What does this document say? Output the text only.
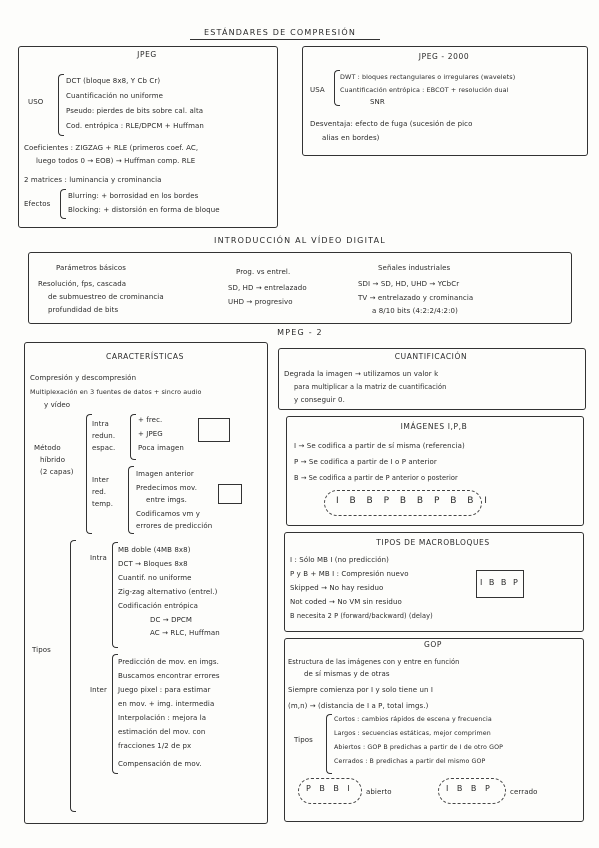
ESTÁNDARES DE COMPRESIÓN
JPEG
USO
DCT (bloque 8x8, Y Cb Cr)
Cuantificación no uniforme
Pseudo: pierdes de bits sobre cal. alta
Cod. entrópica : RLE/DPCM + Huffman
Coeficientes : ZIGZAG + RLE (primeros coef. AC,
luego todos 0 → EOB) → Huffman comp. RLE
2 matrices : luminancia y crominancia
Efectos
Blurring: + borrosidad en los bordes
Blocking: + distorsión en forma de bloque
JPEG - 2000
USA
DWT : bloques rectangulares o irregulares (wavelets)
Cuantificación entrópica : EBCOT + resolución dual
SNR
Desventaja: efecto de fuga (sucesión de pico
alias en bordes)
INTRODUCCIÓN AL VÍDEO DIGITAL
Parámetros básicos
Resolución, fps, cascada
de submuestreo de crominancia
profundidad de bits
Prog. vs entrel.
SD, HD → entrelazado
UHD → progresivo
Señales industriales
SDI → SD, HD, UHD → YCbCr
TV → entrelazado y crominancia
a 8/10 bits (4:2:2/4:2:0)
MPEG - 2
CARACTERÍSTICAS
Compresión y descompresión
Multiplexación en 3 fuentes de datos + sincro audio
y vídeo
Método
híbrido
(2 capas)
Intra
redun.
espac.
+ frec.
+ JPEG
Poca imagen
Inter
red.
temp.
Imagen anterior
Predecimos mov.
entre imgs.
Codificamos vm y
errores de predicción
Tipos
Intra
MB doble (4MB 8x8)
DCT → Bloques 8x8
Cuantif. no uniforme
Zig-zag alternativo (entrel.)
Codificación entrópica
DC → DPCM
AC → RLC, Huffman
Inter
Predicción de mov. en imgs.
Buscamos encontrar errores
Juego pixel : para estimar
en mov. + img. intermedia
Interpolación : mejora la
estimación del mov. con
fracciones 1/2 de px
Compensación de mov.
CUANTIFICACIÓN
Degrada la imagen → utilizamos un valor k
para multiplicar a la matriz de cuantificación
y conseguir 0.
IMÁGENES I,P,B
I → Se codifica a partir de sí misma (referencia)
P → Se codifica a partir de I o P anterior
B → Se codifica a partir de P anterior o posterior
I B B P B B P B B I
TIPOS DE MACROBLOQUES
I : Sólo MB I (no predicción)
P y B + MB I : Compresión nuevo
Skipped → No hay residuo
Not coded → No VM sin residuo
B necesita 2 P (forward/backward) (delay)
I B B P
GOP
Estructura de las imágenes con y entre en función
de sí mismas y de otras
Siempre comienza por I y solo tiene un I
(m,n) → (distancia de I a P, total imgs.)
Tipos
Cortos : cambios rápidos de escena y frecuencia
Largos : secuencias estáticas, mejor comprimen
Abiertos : GOP B predichas a partir de I de otro GOP
Cerrados : B predichas a partir del mismo GOP
P B B I abierto	I B B P cerrado
